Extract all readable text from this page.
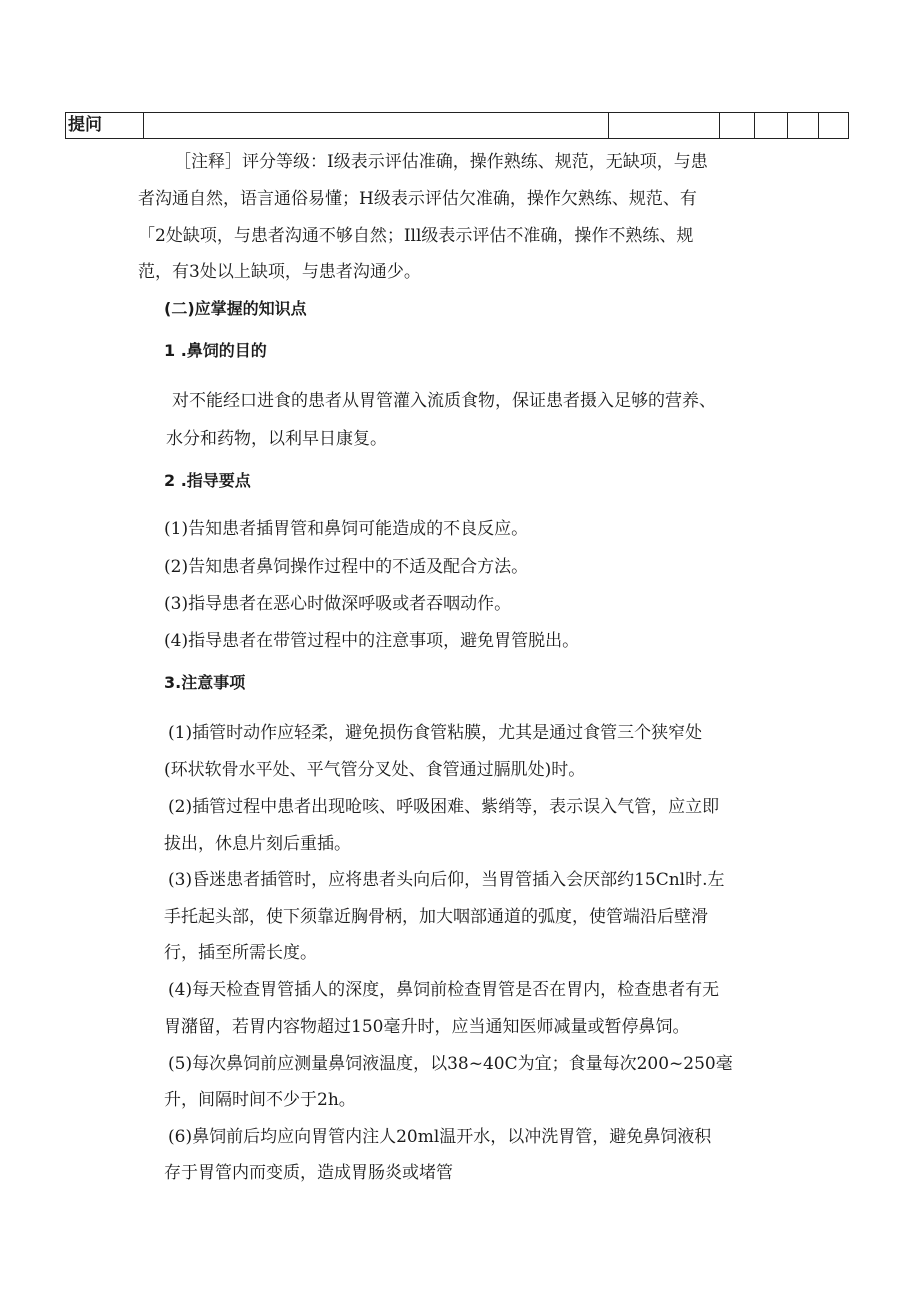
提问						
［注释］评分等级：I级表示评估准确，操作熟练、规范，无缺项，与患
者沟通自然，语言通俗易懂；H级表示评估欠准确，操作欠熟练、规范、有
「2处缺项，与患者沟通不够自然；Ill级表示评估不准确，操作不熟练、规
范，有3处以上缺项，与患者沟通少。
(二)应掌握的知识点
1 .鼻饲的目的
对不能经口进食的患者从胃管灌入流质食物，保证患者摄入足够的营养、
水分和药物，以利早日康复。
2 .指导要点
(1)告知患者插胃管和鼻饲可能造成的不良反应。
(2)告知患者鼻饲操作过程中的不适及配合方法。
(3)指导患者在恶心时做深呼吸或者吞咽动作。
(4)指导患者在带管过程中的注意事项，避免胃管脱出。
3.注意事项
(1)插管时动作应轻柔，避免损伤食管粘膜，尤其是通过食管三个狭窄处
(环状软骨水平处、平气管分叉处、食管通过膈肌处)时。
(2)插管过程中患者出现呛咳、呼吸困难、紫绡等，表示误入气管，应立即
拔出，休息片刻后重插。
(3)昏迷患者插管时，应将患者头向后仰，当胃管插入会厌部约15Cnl时.左
手托起头部，使下须靠近胸骨柄，加大咽部通道的弧度，使管端沿后壁滑
行，插至所需长度。
(4)每天检查胃管插人的深度，鼻饲前检查胃管是否在胃内，检查患者有无
胃潴留，若胃内容物超过150毫升时，应当通知医师减量或暂停鼻饲。
(5)每次鼻饲前应测量鼻饲液温度，以38~40C为宜；食量每次200~250毫
升，间隔时间不少于2h。
(6)鼻饲前后均应向胃管内注人20ml温开水，以冲洗胃管，避免鼻饲液积
存于胃管内而变质，造成胃肠炎或堵管
